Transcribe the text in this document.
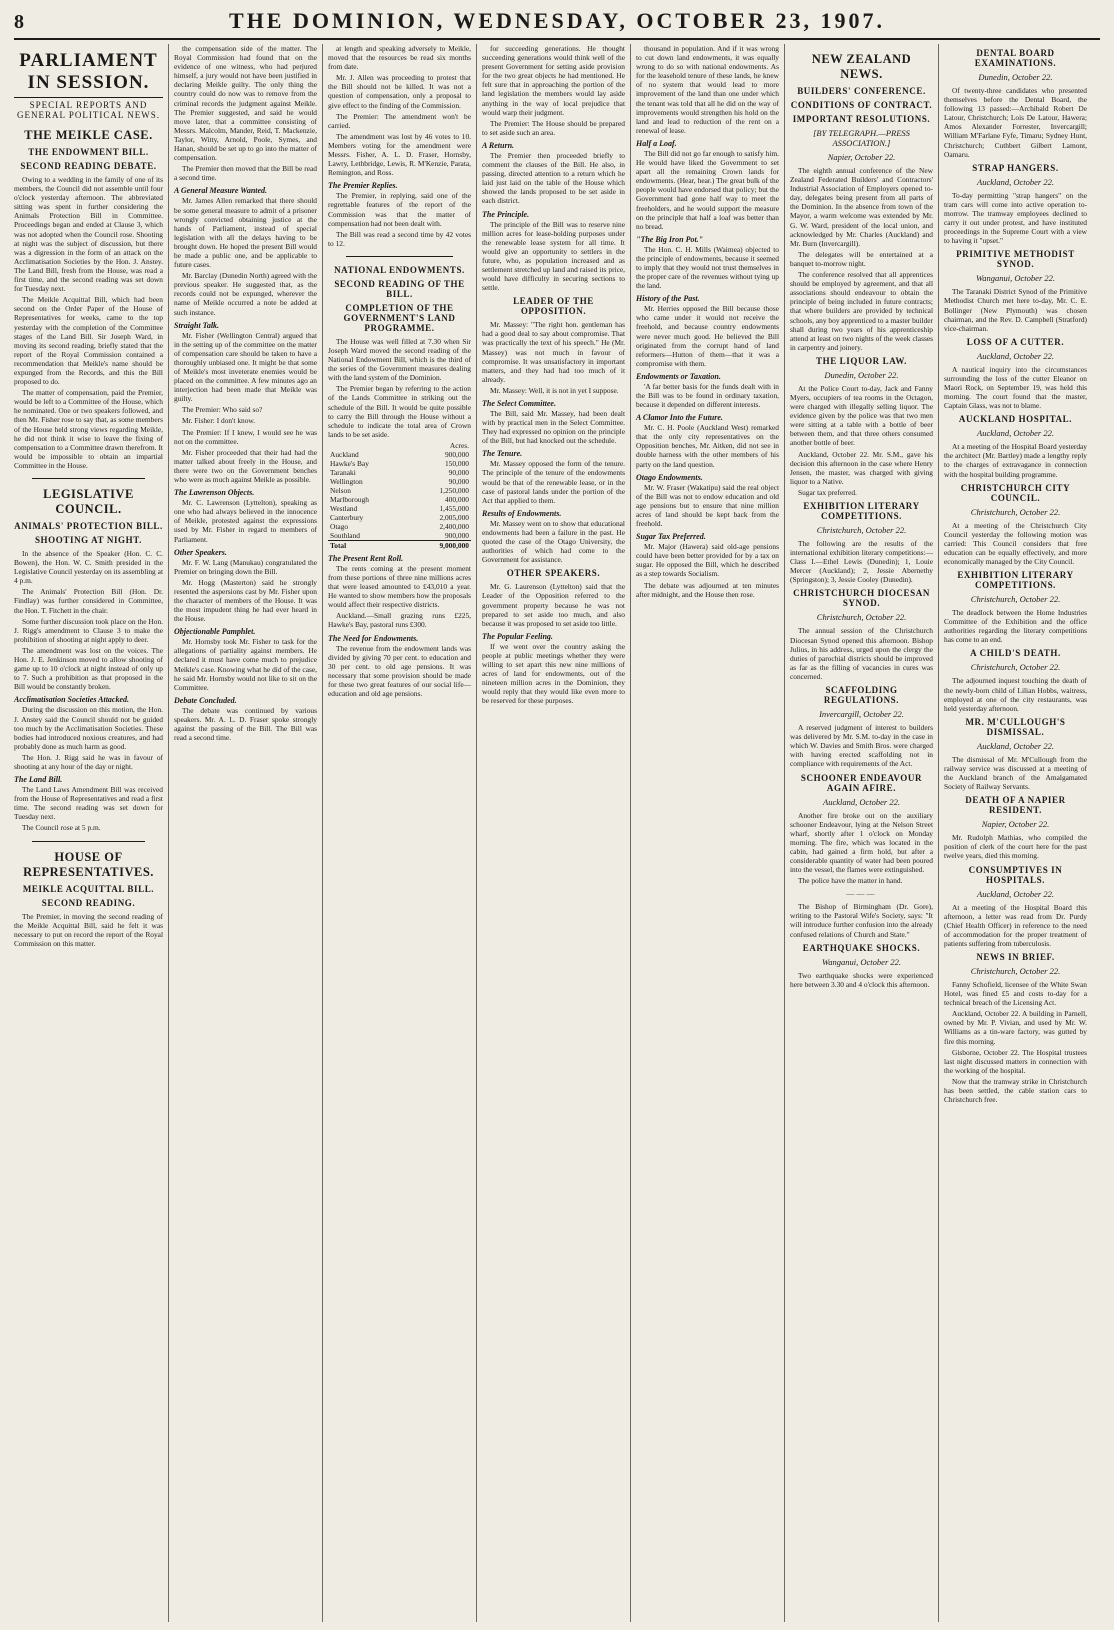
8	THE DOMINION, WEDNESDAY, OCTOBER 23, 1907.
PARLIAMENT IN SESSION.
SPECIAL REPORTS AND GENERAL POLITICAL NEWS.
THE MEIKLE CASE.
THE ENDOWMENT BILL.
SECOND READING DEBATE.

Owing to a wedding in the family of one of its members, the Council did not assemble until four o'clock yesterday afternoon. The abbreviated sitting was spent in further considering the Animals Protection Bill in Committee. Proceedings began and ended at Clause 3, which was not adopted when the Council rose. Shooting at night was the subject of discussion, but there was a digression in the form of an attack on the Acclimatisation Societies by the Hon. J. Anstey. The Land Bill, fresh from the House, was read a first time, and the second reading was set down for Tuesday next.

The Meikle Acquittal Bill, which had been second on the Order Paper of the House of Representatives for weeks, came to the top yesterday with the completion of the Committee stages of the Land Bill. Sir Joseph Ward, in moving its second reading, briefly stated that the report of the Royal Commission contained a recommendation that Meikle's name should be expunged from the Records, and this the Bill proposed to do.

The matter of compensation, paid the Premier, would be left to a Committee of the House, which he nominated. One or two speakers followed, and then Mr. Fisher rose to say that, as some members of the House held strong views regarding Meikle, he did not think it wise to leave the fixing of compensation to a Committee drawn therefrom. It would be impossible to obtain an impartial Committee in the House.

LEGISLATIVE COUNCIL.
ANIMALS' PROTECTION BILL.
SHOOTING AT NIGHT.

In the absence of the Speaker (Hon. C. C. Bowen), the Hon. W. C. Smith presided in the Legislative Council yesterday on its assembling at 4 p.m.

The Animals' Protection Bill (Hon. Dr. Findlay) was further considered in Committee, the Hon. T. Fitchett in the chair.

Some further discussion took place on the Hon. J. Rigg's amendment to Clause 3 to make the prohibition of shooting at night apply to deer.

The amendment was lost on the voices. The Hon. J. E. Jenkinson moved to allow shooting of game up to 10 o'clock at night instead of only up to 7. Such a prohibition as that proposed in the Bill would be constantly broken.

Acclimatisation Societies Attacked.

During the discussion on this motion, the Hon. J. Anstey said the Council should not be guided too much by the Acclimatisation Societies. These bodies had introduced noxious creatures, and had probably done as much harm as good.

The Hon. J. Rigg said he was in favour of shooting at any hour of the day or night.

The Land Bill.

The Land Laws Amendment Bill was received from the House of Representatives and read a first time. The second reading was set down for Tuesday next.

The Council rose at 5 p.m.

HOUSE OF REPRESENTATIVES.
MEIKLE ACQUITTAL BILL.
SECOND READING.

The Premier, in moving the second reading of the Meikle Acquittal Bill, said he felt it was necessary to put on record the report of the Royal Commission on this matter.

the compensation side of the matter. The Royal Commission had found that on the evidence of one witness, who had perjured himself, a jury would not have been justified in declaring Meikle guilty. The only thing the country could do now was to remove from the criminal records the judgment against Meikle. The Premier suggested, and said he would move later, that a committee consisting of Messrs. Malcolm, Mander, Reid, T. Mackenzie, Taylor, Witty, Arnold, Poole, Symes, and Hanan, should be set up to go into the matter of compensation.

The Premier then moved that the Bill be read a second time.

A General Measure Wanted.

Mr. James Allen remarked that there should be some general measure to admit of a prisoner wrongly convicted obtaining justice at the hands of Parliament, instead of special legislation with all the delays having to be brought down. He hoped the present Bill would be made a public one, and be applicable to future cases.

Mr. Barclay (Dunedin North) agreed with the previous speaker. He suggested that, as the records could not be expunged, wherever the name of Meikle occurred a note be added at such instance.

Straight Talk.

Mr. Fisher (Wellington Central) argued that in the setting up of the committee on the matter of compensation care should be taken to have a thoroughly unbiased one. It might be that some of Meikle's most inveterate enemies would be placed on the committee. A few minutes ago an interjection had been made that Meikle was guilty.

The Premier: Who said so?

Mr. Fisher: I don't know.

The Premier: If I knew, I would see he was not on the committee.

Mr. Fisher proceeded that their had had the matter talked about freely in the House, and there were two on the Government benches who were as much against Meikle as possible.

The Lawrenson Objects.

Mr. C. Lawrenson (Lyttelton), speaking as one who had always believed in the innocence of Meikle, protested against the expressions used by Mr. Fisher in regard to members of Parliament.

Other Speakers.

Mr. F. W. Lang (Manukau) congratulated the Premier on bringing down the Bill.

Mr. Hogg (Masterton) said he strongly resented the aspersions cast by Mr. Fisher upon the character of members of the House. It was the most impudent thing he had ever heard in the House.

Objectionable Pamphlet.

Mr. Hornsby took Mr. Fisher to task for the allegations of partiality against members. He declared it must have come much to prejudice Meikle's case. Knowing what he did of the case, he said Mr. Hornsby would not like to sit on the Committee.

Debate Concluded.

The debate was continued by various speakers. Mr. A. L. D. Fraser spoke strongly against the passing of the Bill. The Bill was read a second time.

at length and speaking adversely to Meikle, moved that the resources be read six months from date.

Mr. J. Allen was proceeding to protest that the Bill should not be killed. It was not a question of compensation, only a proposal to give effect to the finding of the Commission.

The Premier: The amendment won't be carried.

The amendment was lost by 46 votes to 10. Members voting for the amendment were Messrs. Fisher, A. L. D. Fraser, Hornsby, Lawry, Lethbridge, Lewis, R. M'Kenzie, Parata, Remington, and Ross.

The Premier Replies.

The Premier, in replying, said one of the regrettable features of the report of the Commission was that the matter of compensation had not been dealt with.

The Bill was read a second time by 42 votes to 12.

NATIONAL ENDOWMENTS.
SECOND READING OF THE BILL.
COMPLETION OF THE GOVERNMENT'S LAND PROGRAMME.

The House was well filled at 7.30 when Sir Joseph Ward moved the second reading of the National Endowment Bill, which is the third of the series of the Government measures dealing with the land system of the Dominion.

The Premier began by referring to the action of the Lands Committee in striking out the schedule of the Bill. It would be quite possible to carry the Bill through the House without a schedule to indicate the total area of Crown lands to be set aside.

	Acres.
Auckland	900,000
Hawke's Bay	150,000
Taranaki	90,000
Wellington	90,000
Nelson	1,250,000
Marlborough	400,000
Westland	1,455,000
Canterbury	2,005,000
Otago	2,400,000
Southland	900,000
Total	9,000,000
The Present Rent Roll.

The rents coming at the present moment from these portions of three nine millions acres that were leased amounted to £43,010 a year. He wanted to show members how the proposals would affect their respective districts.

Auckland.—Small grazing runs £225, Hawke's Bay, pastoral runs £300.

The Need for Endowments.

The revenue from the endowment lands was divided by giving 70 per cent. to education and 30 per cent. to old age pensions. It was necessary that some provision should be made for these two great features of our social life—education and old age pensions.

for succeeding generations. He thought succeeding generations would think well of the present Government for setting aside provision for the two great objects he had mentioned. He felt sure that in approaching the portion of the land legislation the members would lay aside anything in the way of local prejudice that would warp their judgment.

The Premier: The House should be prepared to set aside such an area.

A Return.

The Premier then proceeded briefly to comment the clauses of the Bill. He also, in passing, directed attention to a return which he laid just laid on the table of the House which showed the lands proposed to be set aside in each district.

The Principle.

The principle of the Bill was to reserve nine million acres for lease-holding purposes under the renewable lease system for all time. It would give an opportunity to settlers in the future, who, as population increased and as settlement stretched up land and raised its price, would have difficulty in securing sections to settle.

LEADER OF THE OPPOSITION.

Mr. Massey: "The right hon. gentleman has had a good deal to say about compromise. That was practically the text of his speech." He (Mr. Massey) was not much in favour of compromise. It was unsatisfactory in important matters, and they had had too much of it already.

Mr. Massey: Well, it is not in yet I suppose.

The Select Committee.

The Bill, said Mr. Massey, had been dealt with by practical men in the Select Committee. They had expressed no opinion on the principle of the Bill, but had knocked out the schedule.

The Tenure.

Mr. Massey opposed the form of the tenure. The principle of the tenure of the endowments would be that of the renewable lease, or in the case of pastoral lands under the portion of the Act that applied to them.

Results of Endowments.

Mr. Massey went on to show that educational endowments had been a failure in the past. He quoted the case of the Otago University, the authorities of which had come to the Government for assistance.

OTHER SPEAKERS.

Mr. G. Laurenson (Lyttelton) said that the Leader of the Opposition referred to the government property because he was not prepared to set aside too much, and also because it was proposed to set aside too little.

The Popular Feeling.

If we went over the country asking the people at public meetings whether they were willing to set apart this new nine millions of acres of land for endowments, out of the nineteen million acres in the Dominion, they would reply that they would like even more to be reserved for these purposes.

thousand in population. And if it was wrong to cut down land endowments, it was equally wrong to do so with national endowments. As for the leasehold tenure of these lands, he knew of no system that would lead to more improvement of the land than one under which the tenant was told that all he did on the way of improvements would strengthen his hold on the land and lead to reduction of the rent on a renewal of lease.

Half a Loaf.

The Bill did not go far enough to satisfy him. He would have liked the Government to set apart all the remaining Crown lands for endowments. (Hear, hear.) The great bulk of the people would have endorsed that policy; but the Government had gone half way to meet the freeholders, and he would support the measure on the principle that half a loaf was better than no bread.

"The Big Iron Pot."

The Hon. C. H. Mills (Waimea) objected to the principle of endowments, because it seemed to imply that they would not trust themselves in the proper care of the revenues without tying up the land.

History of the Past.

Mr. Herries opposed the Bill because those who came under it would not receive the freehold, and because country endowments were never much good. He believed the Bill originated from the corrupt hand of land reformers—Hutton of them—that it was a compromise with them.

Endowments or Taxation.

'A far better basis for the funds dealt with in the Bill was to be found in ordinary taxation, because it depended on different interests.

A Clamor Into the Future.

Mr. C. H. Poole (Auckland West) remarked that the only city representatives on the Opposition benches, Mr. Aitken, did not see in double harness with the other members of his party on the land question.

Otago Endowments.

Mr. W. Fraser (Wakatipu) said the real object of the Bill was not to endow education and old age pensions but to ensure that nine million acres of land should be kept back from the freehold.

Sugar Tax Preferred.

Mr. Major (Hawera) said old-age pensions could have been better provided for by a tax on sugar. He opposed the Bill, which he described as a step towards Socialism.

The debate was adjourned at ten minutes after midnight, and the House then rose.

NEW ZEALAND NEWS.
BUILDERS' CONFERENCE.
CONDITIONS OF CONTRACT.
IMPORTANT RESOLUTIONS.
[BY TELEGRAPH.—PRESS ASSOCIATION.]
Napier, October 22.

The eighth annual conference of the New Zealand Federated Builders' and Contractors' Industrial Association of Employers opened to-day, delegates being present from all parts of the Dominion. In the absence from town of the Mayor, a warm welcome was extended by Mr. G. W. Ward, president of the local union, and acknowledged by Mr. Charles (Auckland) and Mr. Burn (Invercargill).

The delegates will be entertained at a banquet to-morrow night.

The conference resolved that all apprentices should be employed by agreement, and that all associations should endeavour to obtain the principle of being included in future contracts; that where builders are provided by technical schools, any boy apprenticed to a master builder shall during two years of his apprenticeship attend at least on two nights of the week classes in carpentry and joinery.

THE LIQUOR LAW.
Dunedin, October 22.

At the Police Court to-day, Jack and Fanny Myers, occupiers of tea rooms in the Octagon, were charged with illegally selling liquor. The evidence given by the police was that two men were sitting at a table with a bottle of beer between them, and that three others consumed another bottle of beer.

Auckland, October 22. Mr. S.M., gave his decision this afternoon in the case where Henry Jensen, the master, was charged with giving liquor to a Native.

Sugar tax preferred.

EXHIBITION LITERARY COMPETITIONS.
Christchurch, October 22.

The following are the results of the international exhibition literary competitions:— Class I.—Ethel Lewis (Dunedin); 1, Louie Mercer (Auckland); 2, Jessie Abernethy (Springston); 3, Jessie Cooley (Dunedin).

CHRISTCHURCH DIOCESAN SYNOD.
Christchurch, October 22.

The annual session of the Christchurch Diocesan Synod opened this afternoon. Bishop Julius, in his address, urged upon the clergy the duties of parochial districts should be improved as far as the filling of vacancies in cures was concerned.

SCAFFOLDING REGULATIONS.
Invercargill, October 22.

A reserved judgment of interest to builders was delivered by Mr. S.M. to-day in the case in which W. Davies and Smith Bros. were charged with having erected scaffolding not in compliance with requirements of the Act.

SCHOONER ENDEAVOUR AGAIN AFIRE.
Auckland, October 22.

Another fire broke out on the auxiliary schooner Endeavour, lying at the Nelson Street wharf, shortly after 1 o'clock on Monday morning. The fire, which was located in the cabin, had gained a firm hold, but after a considerable quantity of water had been poured into the vessel, the flames were extinguished.

The police have the matter in hand.

———

The Bishop of Birmingham (Dr. Gore), writing to the Pastoral Wife's Society, says: "It will introduce further confusion into the already confused relations of Church and State."

EARTHQUAKE SHOCKS.
Wanganui, October 22.

Two earthquake shocks were experienced here between 3.30 and 4 o'clock this afternoon.

DENTAL BOARD EXAMINATIONS.
Dunedin, October 22.

Of twenty-three candidates who presented themselves before the Dental Board, the following 13 passed:—Archibald Robert De Latour, Christchurch; Lois De Latour, Hawera; Amos Alexander Forrester, Invercargill; William M'Farlane Fyfe, Timaru; Sydney Hunt, Christchurch; Cuthbert Gilbert Lamont, Oamaru.

STRAP HANGERS.
Auckland, October 22.

To-day permitting "strap hangers" on the tram cars will come into active operation to-morrow. The tramway employees declined to carry it out under protest, and have instituted proceedings in the Supreme Court with a view to having it "upset."

PRIMITIVE METHODIST SYNOD.
Wanganui, October 22.

The Taranaki District Synod of the Primitive Methodist Church met here to-day, Mr. C. E. Bollinger (New Plymouth) was chosen chairman, and the Rev. D. Campbell (Stratford) vice-chairman.

LOSS OF A CUTTER.
Auckland, October 22.

A nautical inquiry into the circumstances surrounding the loss of the cutter Eleanor on Maori Rock, on September 19, was held this morning. The court found that the master, Captain Glass, was not to blame.

AUCKLAND HOSPITAL.
Auckland, October 22.

At a meeting of the Hospital Board yesterday the architect (Mr. Bartley) made a lengthy reply to the charges of extravagance in connection with the hospital building programme.

CHRISTCHURCH CITY COUNCIL.
Christchurch, October 22.

At a meeting of the Christchurch City Council yesterday the following motion was carried: This Council considers that free education can be equally effectively, and more economically managed by the City Council.

EXHIBITION LITERARY COMPETITIONS.
Christchurch, October 22.

The deadlock between the Home Industries Committee of the Exhibition and the office authorities regarding the literary competitions has come to an end.

A CHILD'S DEATH.
Christchurch, October 22.

The adjourned inquest touching the death of the newly-born child of Lilian Hobbs, waitress, employed at one of the city restaurants, was held yesterday afternoon.

MR. M'CULLOUGH'S DISMISSAL.
Auckland, October 22.

The dismissal of Mr. M'Cullough from the railway service was discussed at a meeting of the Auckland branch of the Amalgamated Society of Railway Servants.

DEATH OF A NAPIER RESIDENT.
Napier, October 22.

Mr. Rudolph Mathias, who compiled the position of clerk of the court here for the past twelve years, died this morning.

CONSUMPTIVES IN HOSPITALS.
Auckland, October 22.

At a meeting of the Hospital Board this afternoon, a letter was read from Dr. Purdy (Chief Health Officer) in reference to the need of accommodation for the proper treatment of patients suffering from tuberculosis.

NEWS IN BRIEF.
Christchurch, October 22.

Fanny Schofield, licensee of the White Swan Hotel, was fined £5 and costs to-day for a technical breach of the Licensing Act.

Auckland, October 22. A building in Parnell, owned by Mr. P. Vivian, and used by Mr. W. Williams as a tin-ware factory, was gutted by fire this morning.

Gisborne, October 22. The Hospital trustees last night discussed matters in connection with the working of the hospital.

Now that the tramway strike in Christchurch has been settled, the cable station cars to Christchurch free.
